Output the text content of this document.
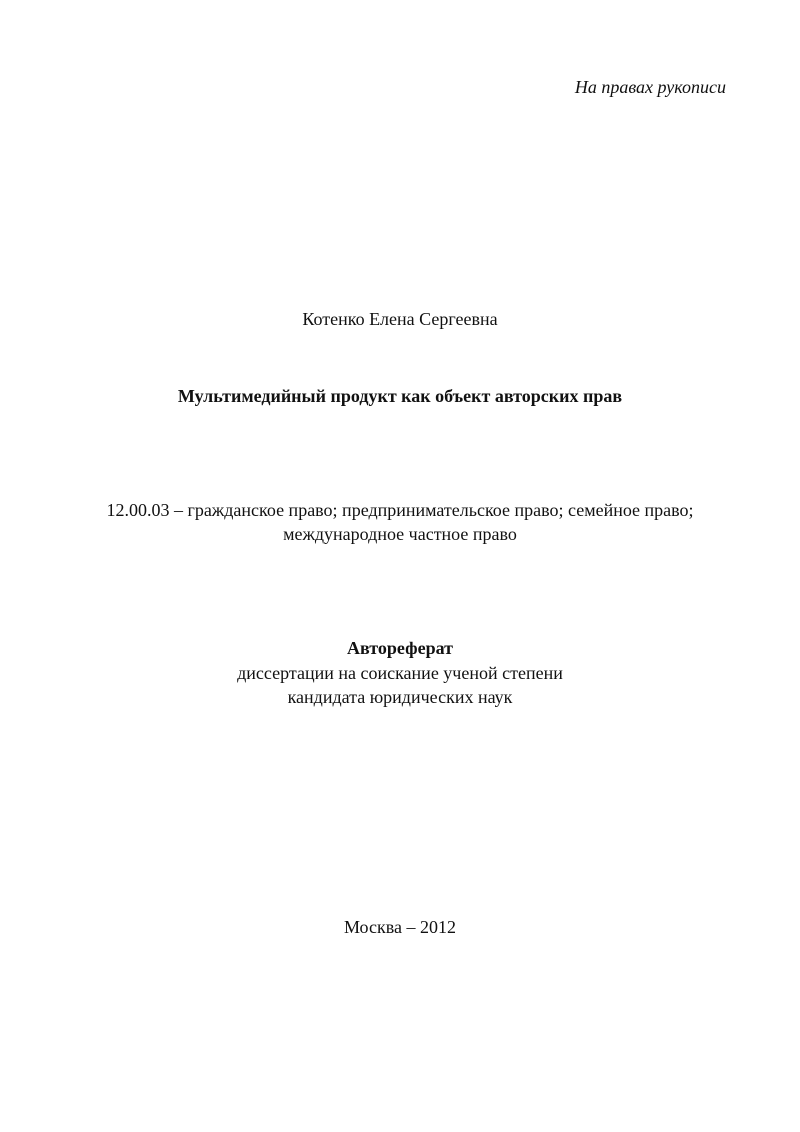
На правах рукописи
Котенко Елена Сергеевна
Мультимедийный продукт как объект авторских прав
12.00.03 – гражданское право; предпринимательское право; семейное право;
международное частное право
Автореферат
диссертации на соискание ученой степени
кандидата юридических наук
Москва – 2012
